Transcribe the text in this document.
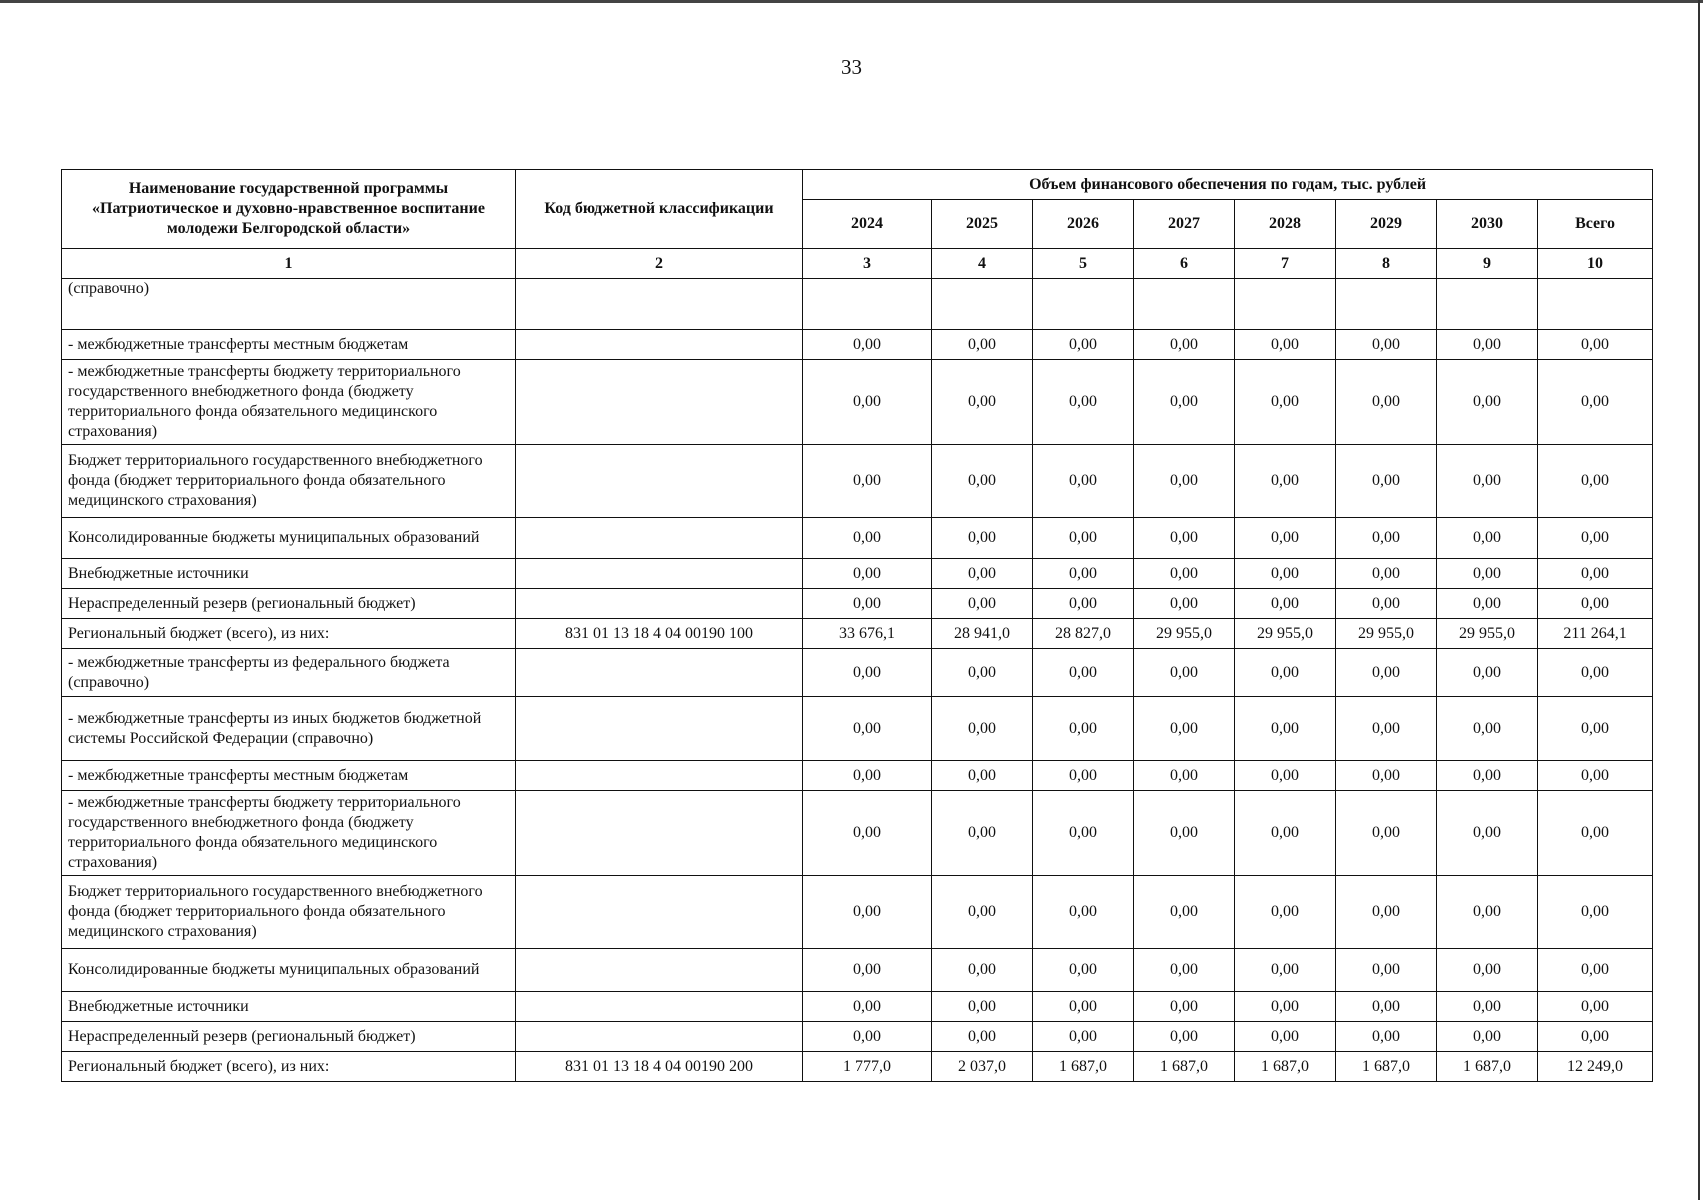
33
Наименование государственной программы «Патриотическое и духовно-нравственное воспитание молодежи Белгородской области»	Код бюджетной классификации	Объем финансового обеспечения по годам, тыс. рублей							
		2024	2025	2026	2027	2028	2029	2030	Всего
1	2	3	4	5	6	7	8	9	10
(справочно)									
- межбюджетные трансферты местным бюджетам		0,00	0,00	0,00	0,00	0,00	0,00	0,00	0,00
- межбюджетные трансферты бюджету территориального государственного внебюджетного фонда (бюджету территориального фонда обязательного медицинского страхования)		0,00	0,00	0,00	0,00	0,00	0,00	0,00	0,00
Бюджет территориального государственного внебюджетного фонда (бюджет территориального фонда обязательного медицинского страхования)		0,00	0,00	0,00	0,00	0,00	0,00	0,00	0,00
Консолидированные бюджеты муниципальных образований		0,00	0,00	0,00	0,00	0,00	0,00	0,00	0,00
Внебюджетные источники		0,00	0,00	0,00	0,00	0,00	0,00	0,00	0,00
Нераспределенный резерв (региональный бюджет)		0,00	0,00	0,00	0,00	0,00	0,00	0,00	0,00
Региональный бюджет (всего), из них:	831 01 13 18 4 04 00190 100	33 676,1	28 941,0	28 827,0	29 955,0	29 955,0	29 955,0	29 955,0	211 264,1
- межбюджетные трансферты из федерального бюджета (справочно)		0,00	0,00	0,00	0,00	0,00	0,00	0,00	0,00
- межбюджетные трансферты из иных бюджетов бюджетной системы Российской Федерации (справочно)		0,00	0,00	0,00	0,00	0,00	0,00	0,00	0,00
- межбюджетные трансферты местным бюджетам		0,00	0,00	0,00	0,00	0,00	0,00	0,00	0,00
- межбюджетные трансферты бюджету территориального государственного внебюджетного фонда (бюджету территориального фонда обязательного медицинского страхования)		0,00	0,00	0,00	0,00	0,00	0,00	0,00	0,00
Бюджет территориального государственного внебюджетного фонда (бюджет территориального фонда обязательного медицинского страхования)		0,00	0,00	0,00	0,00	0,00	0,00	0,00	0,00
Консолидированные бюджеты муниципальных образований		0,00	0,00	0,00	0,00	0,00	0,00	0,00	0,00
Внебюджетные источники		0,00	0,00	0,00	0,00	0,00	0,00	0,00	0,00
Нераспределенный резерв (региональный бюджет)		0,00	0,00	0,00	0,00	0,00	0,00	0,00	0,00
Региональный бюджет (всего), из них:	831 01 13 18 4 04 00190 200	1 777,0	2 037,0	1 687,0	1 687,0	1 687,0	1 687,0	1 687,0	12 249,0
